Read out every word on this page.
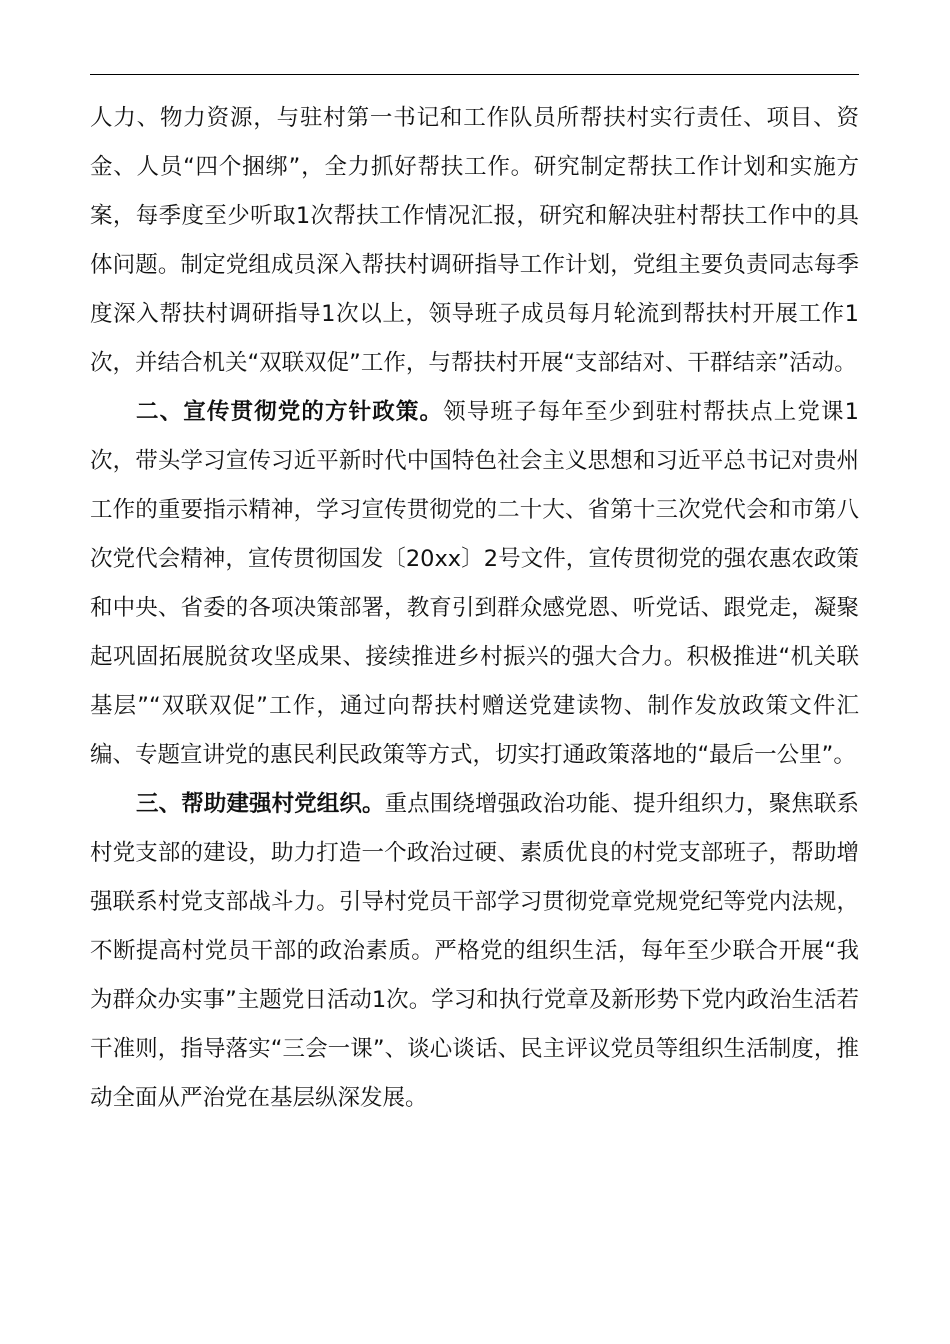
人力、物力资源，与驻村第一书记和工作队员所帮扶村实行责任、项目、资金、人员“四个捆绑”，全力抓好帮扶工作。研究制定帮扶工作计划和实施方案，每季度至少听取1次帮扶工作情况汇报，研究和解决驻村帮扶工作中的具体问题。制定党组成员深入帮扶村调研指导工作计划，党组主要负责同志每季度深入帮扶村调研指导1次以上，领导班子成员每月轮流到帮扶村开展工作1次，并结合机关“双联双促”工作，与帮扶村开展“支部结对、干群结亲”活动。

二、宣传贯彻党的方针政策。领导班子每年至少到驻村帮扶点上党课1次，带头学习宣传习近平新时代中国特色社会主义思想和习近平总书记对贵州工作的重要指示精神，学习宣传贯彻党的二十大、省第十三次党代会和市第八次党代会精神，宣传贯彻国发〔20xx〕2号文件，宣传贯彻党的强农惠农政策和中央、省委的各项决策部署，教育引到群众感党恩、听党话、跟党走，凝聚起巩固拓展脱贫攻坚成果、接续推进乡村振兴的强大合力。积极推进“机关联基层”“双联双促”工作，通过向帮扶村赠送党建读物、制作发放政策文件汇编、专题宣讲党的惠民利民政策等方式，切实打通政策落地的“最后一公里”。

三、帮助建强村党组织。重点围绕增强政治功能、提升组织力，聚焦联系村党支部的建设，助力打造一个政治过硬、素质优良的村党支部班子，帮助增强联系村党支部战斗力。引导村党员干部学习贯彻党章党规党纪等党内法规，不断提高村党员干部的政治素质。严格党的组织生活，每年至少联合开展“我为群众办实事”主题党日活动1次。学习和执行党章及新形势下党内政治生活若干准则，指导落实“三会一课”、谈心谈话、民主评议党员等组织生活制度，推动全面从严治党在基层纵深发展。
